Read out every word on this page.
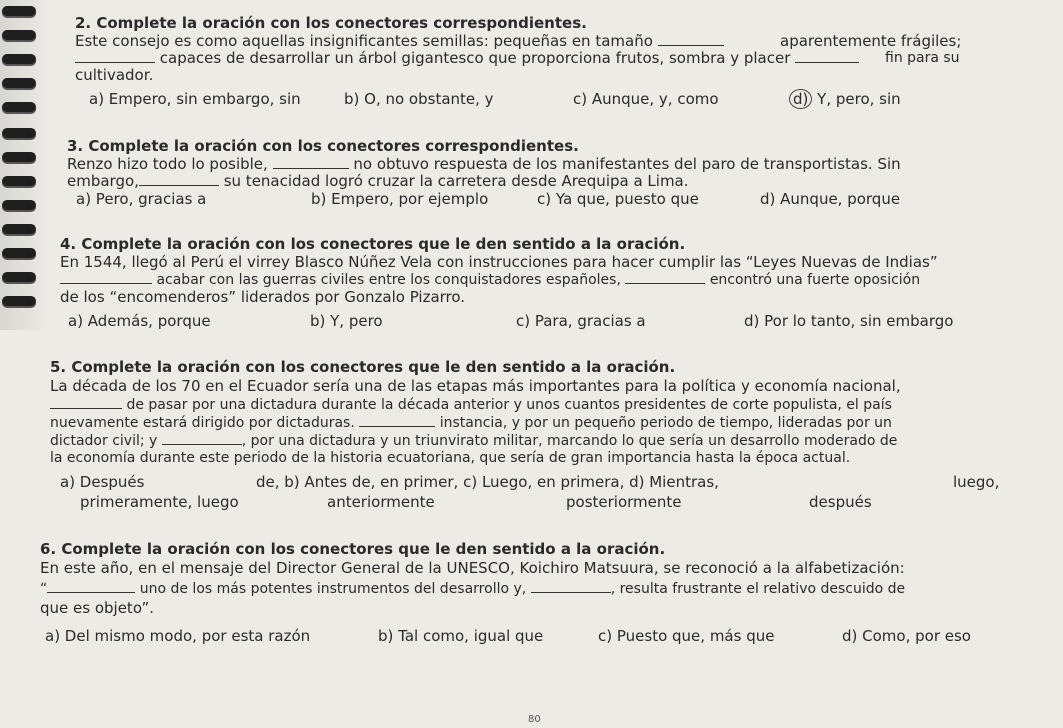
2. Complete la oración con los conectores correspondientes.
Este consejo es como aquellas insignificantes semillas: pequeñas en tamaño	aparentemente frágiles;
capaces de desarrollar un árbol gigantesco que proporciona frutos, sombra y placer	fin para su
cultivador.
a) Empero, sin embargo, sin	b) O, no obstante, y	c) Aunque, y, como	d) Y, pero, sin
3. Complete la oración con los conectores correspondientes.
Renzo hizo todo lo posible,	no obtuvo respuesta de los manifestantes del paro de transportistas. Sin
embargo,	su tenacidad logró cruzar la carretera desde Arequipa a Lima.
a) Pero, gracias a	b) Empero, por ejemplo	c) Ya que, puesto que	d) Aunque, porque
4. Complete la oración con los conectores que le den sentido a la oración.
En 1544, llegó al Perú el virrey Blasco Núñez Vela con instrucciones para hacer cumplir las “Leyes Nuevas de Indias”
acabar con las guerras civiles entre los conquistadores españoles,	encontró una fuerte oposición
de los “encomenderos” liderados por Gonzalo Pizarro.
a) Además, porque	b) Y, pero	c) Para, gracias a	d) Por lo tanto, sin embargo
5. Complete la oración con los conectores que le den sentido a la oración.
La década de los 70 en el Ecuador sería una de las etapas más importantes para la política y economía nacional,
de pasar por una dictadura durante la década anterior y unos cuantos presidentes de corte populista, el país
nuevamente estará dirigido por dictaduras.	instancia, y por un pequeño periodo de tiempo, lideradas por un
dictador civil; y	, por una dictadura y un triunvirato militar, marcando lo que sería un desarrollo moderado de
la economía durante este periodo de la historia ecuatoriana, que sería de gran importancia hasta la época actual.
a) Después	de, b) Antes de, en primer, c) Luego, en primera, d) Mientras,	luego,
primeramente, luego	anteriormente	posteriormente	después
6. Complete la oración con los conectores que le den sentido a la oración.
En este año, en el mensaje del Director General de la UNESCO, Koichiro Matsuura, se reconoció a la alfabetización:
“	uno de los más potentes instrumentos del desarrollo y,	, resulta frustrante el relativo descuido de
que es objeto”.
a) Del mismo modo, por esta razón	b) Tal como, igual que	c) Puesto que, más que	d) Como, por eso
80
